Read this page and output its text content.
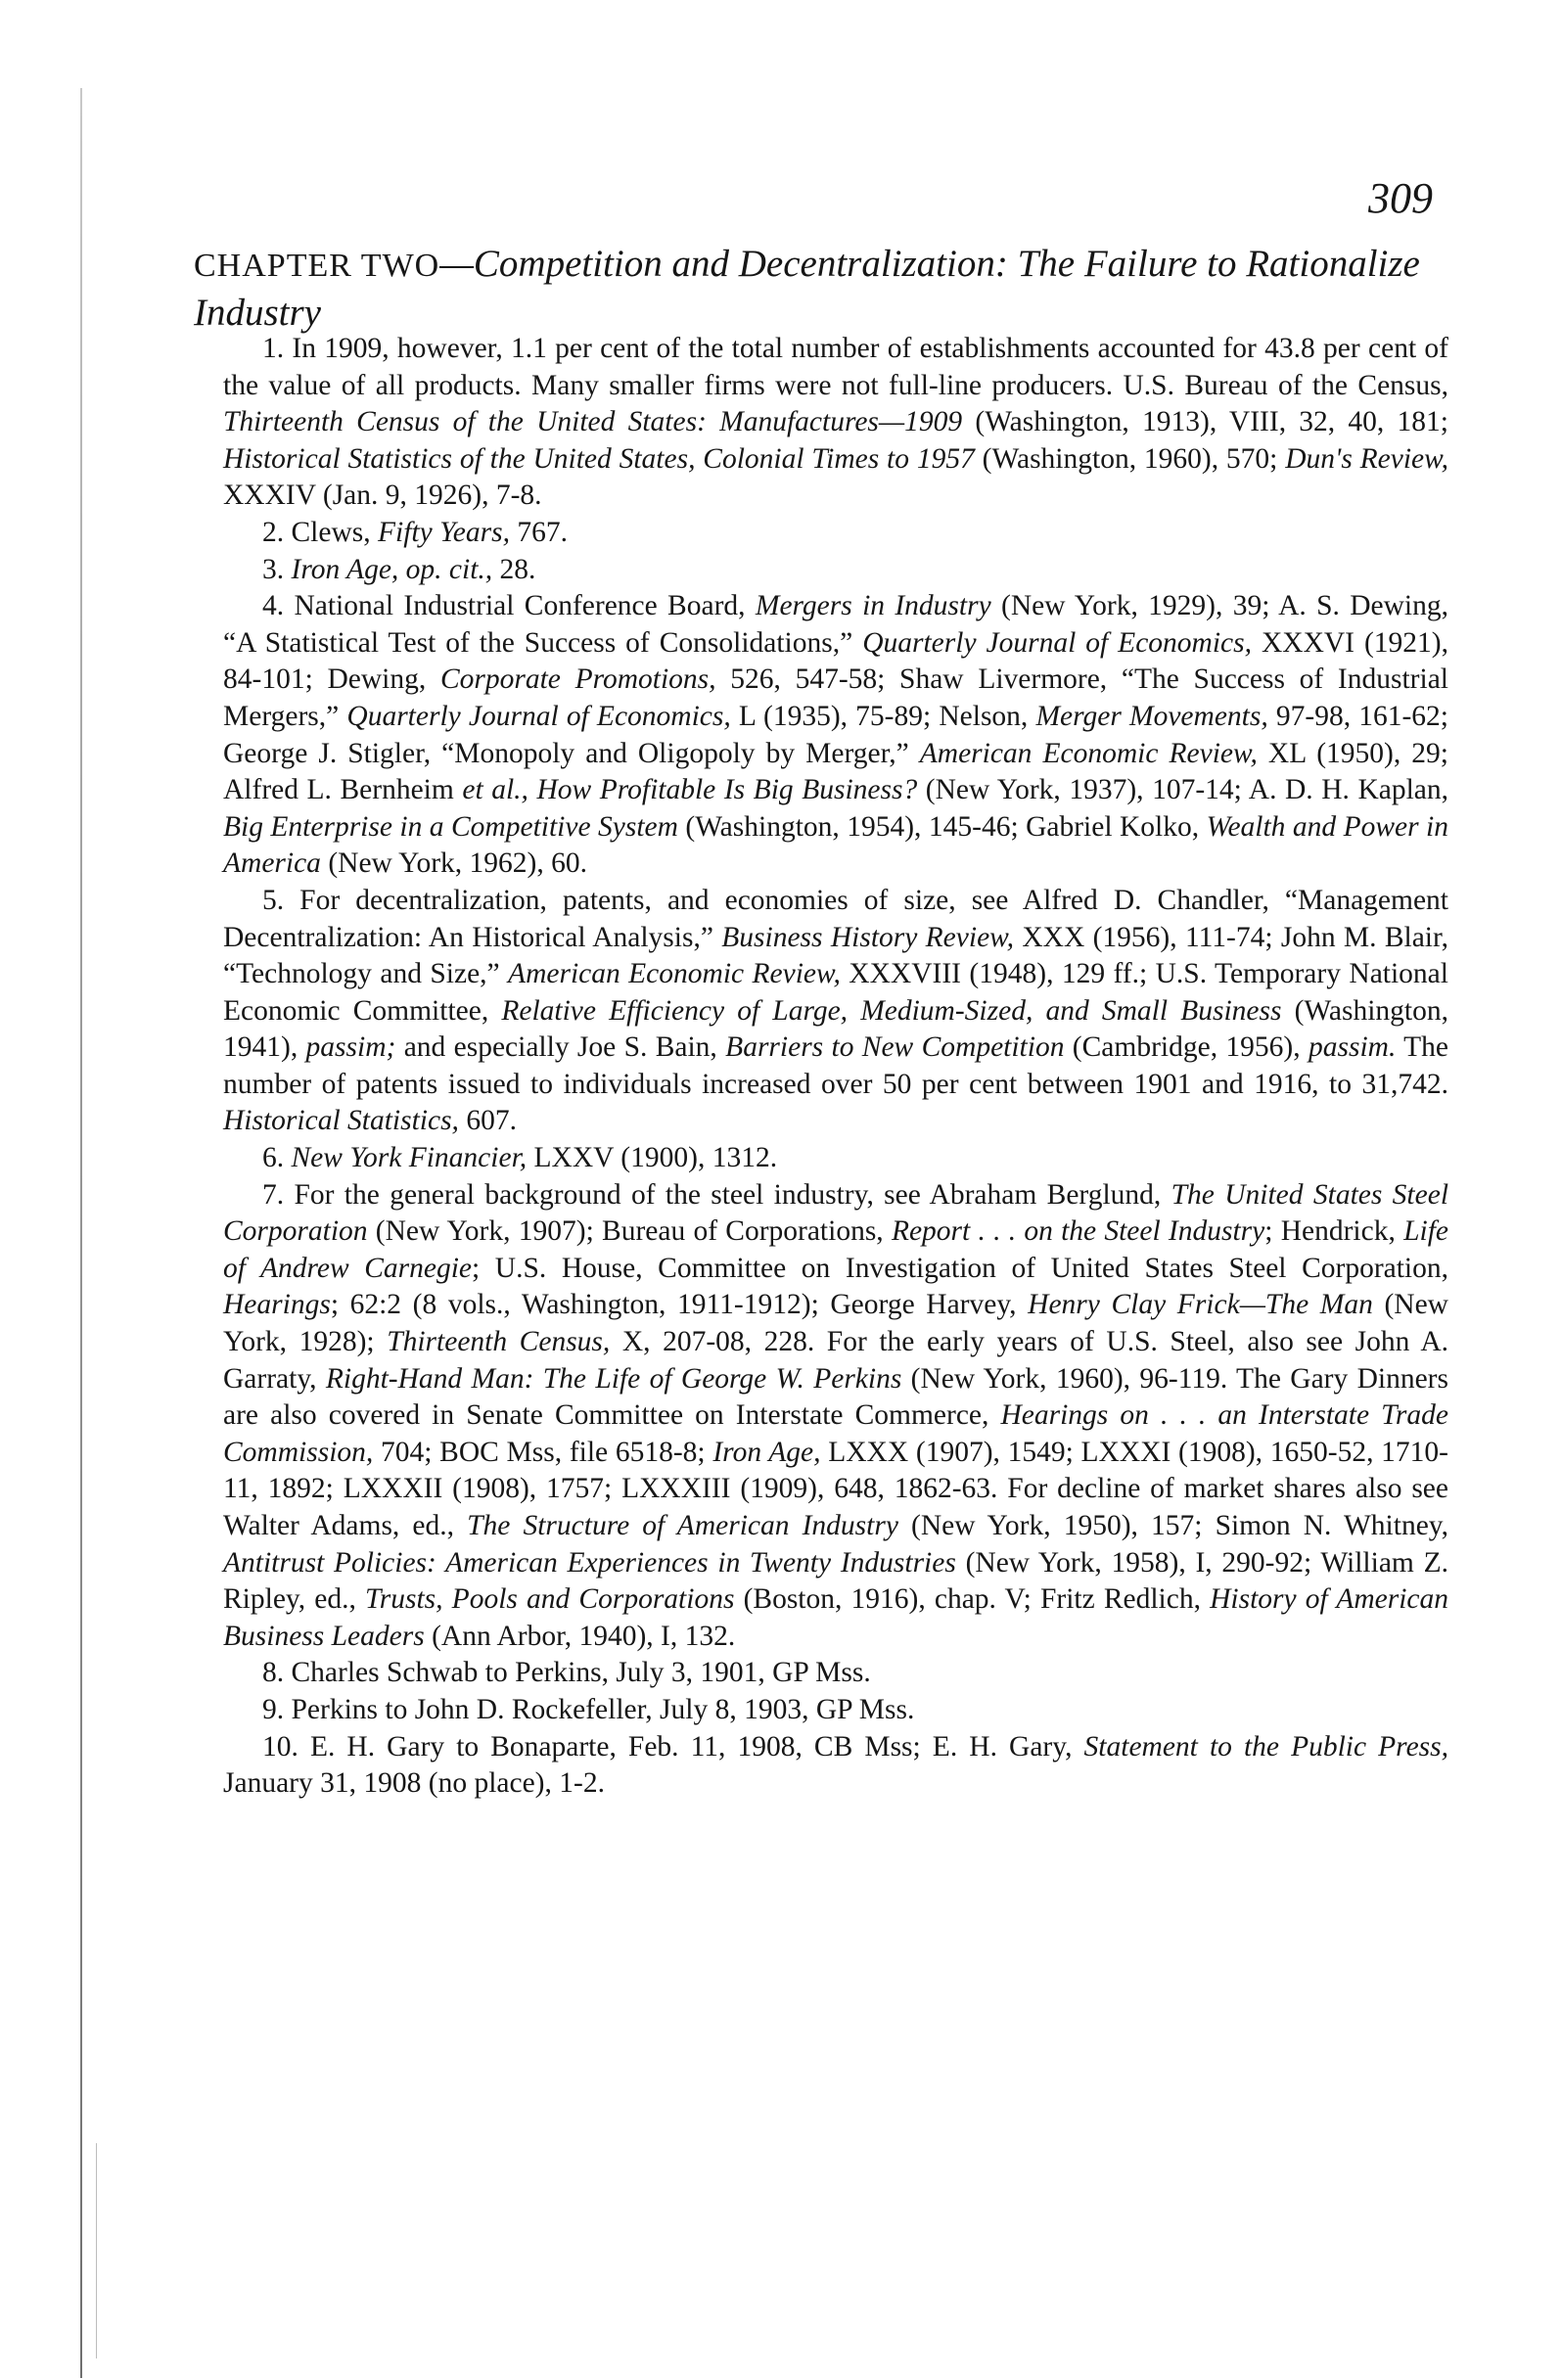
309
CHAPTER TWO—Competition and Decentralization: The Failure to Rationalize Industry

1. In 1909, however, 1.1 per cent of the total number of establishments accounted for 43.8 per cent of the value of all products. Many smaller firms were not full-line producers. U.S. Bureau of the Census, Thirteenth Census of the United States: Manufactures—1909 (Washington, 1913), VIII, 32, 40, 181; Historical Statistics of the United States, Colonial Times to 1957 (Washington, 1960), 570; Dun's Review, XXXIV (Jan. 9, 1926), 7-8.

2. Clews, Fifty Years, 767.

3. Iron Age, op. cit., 28.

4. National Industrial Conference Board, Mergers in Industry (New York, 1929), 39; A. S. Dewing, “A Statistical Test of the Success of Consolidations,” Quarterly Journal of Economics, XXXVI (1921), 84-101; Dewing, Corporate Promotions, 526, 547-58; Shaw Livermore, “The Success of Industrial Mergers,” Quarterly Journal of Economics, L (1935), 75-89; Nelson, Merger Movements, 97-98, 161-62; George J. Stigler, “Monopoly and Oligopoly by Merger,” American Economic Review, XL (1950), 29; Alfred L. Bernheim et al., How Profitable Is Big Business? (New York, 1937), 107-14; A. D. H. Kaplan, Big Enterprise in a Competitive System (Washington, 1954), 145-46; Gabriel Kolko, Wealth and Power in America (New York, 1962), 60.

5. For decentralization, patents, and economies of size, see Alfred D. Chandler, “Management Decentralization: An Historical Analysis,” Business History Review, XXX (1956), 111-74; John M. Blair, “Technology and Size,” American Economic Review, XXXVIII (1948), 129 ff.; U.S. Temporary National Economic Committee, Relative Efficiency of Large, Medium-Sized, and Small Business (Washington, 1941), passim; and especially Joe S. Bain, Barriers to New Competition (Cambridge, 1956), passim. The number of patents issued to individuals increased over 50 per cent between 1901 and 1916, to 31,742. Historical Statistics, 607.

6. New York Financier, LXXV (1900), 1312.

7. For the general background of the steel industry, see Abraham Berglund, The United States Steel Corporation (New York, 1907); Bureau of Corporations, Report . . . on the Steel Industry; Hendrick, Life of Andrew Carnegie; U.S. House, Committee on Investigation of United States Steel Corporation, Hearings; 62:2 (8 vols., Washington, 1911-1912); George Harvey, Henry Clay Frick—The Man (New York, 1928); Thirteenth Census, X, 207-08, 228. For the early years of U.S. Steel, also see John A. Garraty, Right-Hand Man: The Life of George W. Perkins (New York, 1960), 96-119. The Gary Dinners are also covered in Senate Committee on Interstate Commerce, Hearings on . . . an Interstate Trade Commission, 704; BOC Mss, file 6518-8; Iron Age, LXXX (1907), 1549; LXXXI (1908), 1650-52, 1710-11, 1892; LXXXII (1908), 1757; LXXXIII (1909), 648, 1862-63. For decline of market shares also see Walter Adams, ed., The Structure of American Industry (New York, 1950), 157; Simon N. Whitney, Antitrust Policies: American Experiences in Twenty Industries (New York, 1958), I, 290-92; William Z. Ripley, ed., Trusts, Pools and Corporations (Boston, 1916), chap. V; Fritz Redlich, History of American Business Leaders (Ann Arbor, 1940), I, 132.

8. Charles Schwab to Perkins, July 3, 1901, GP Mss.

9. Perkins to John D. Rockefeller, July 8, 1903, GP Mss.

10. E. H. Gary to Bonaparte, Feb. 11, 1908, CB Mss; E. H. Gary, Statement to the Public Press, January 31, 1908 (no place), 1-2.
